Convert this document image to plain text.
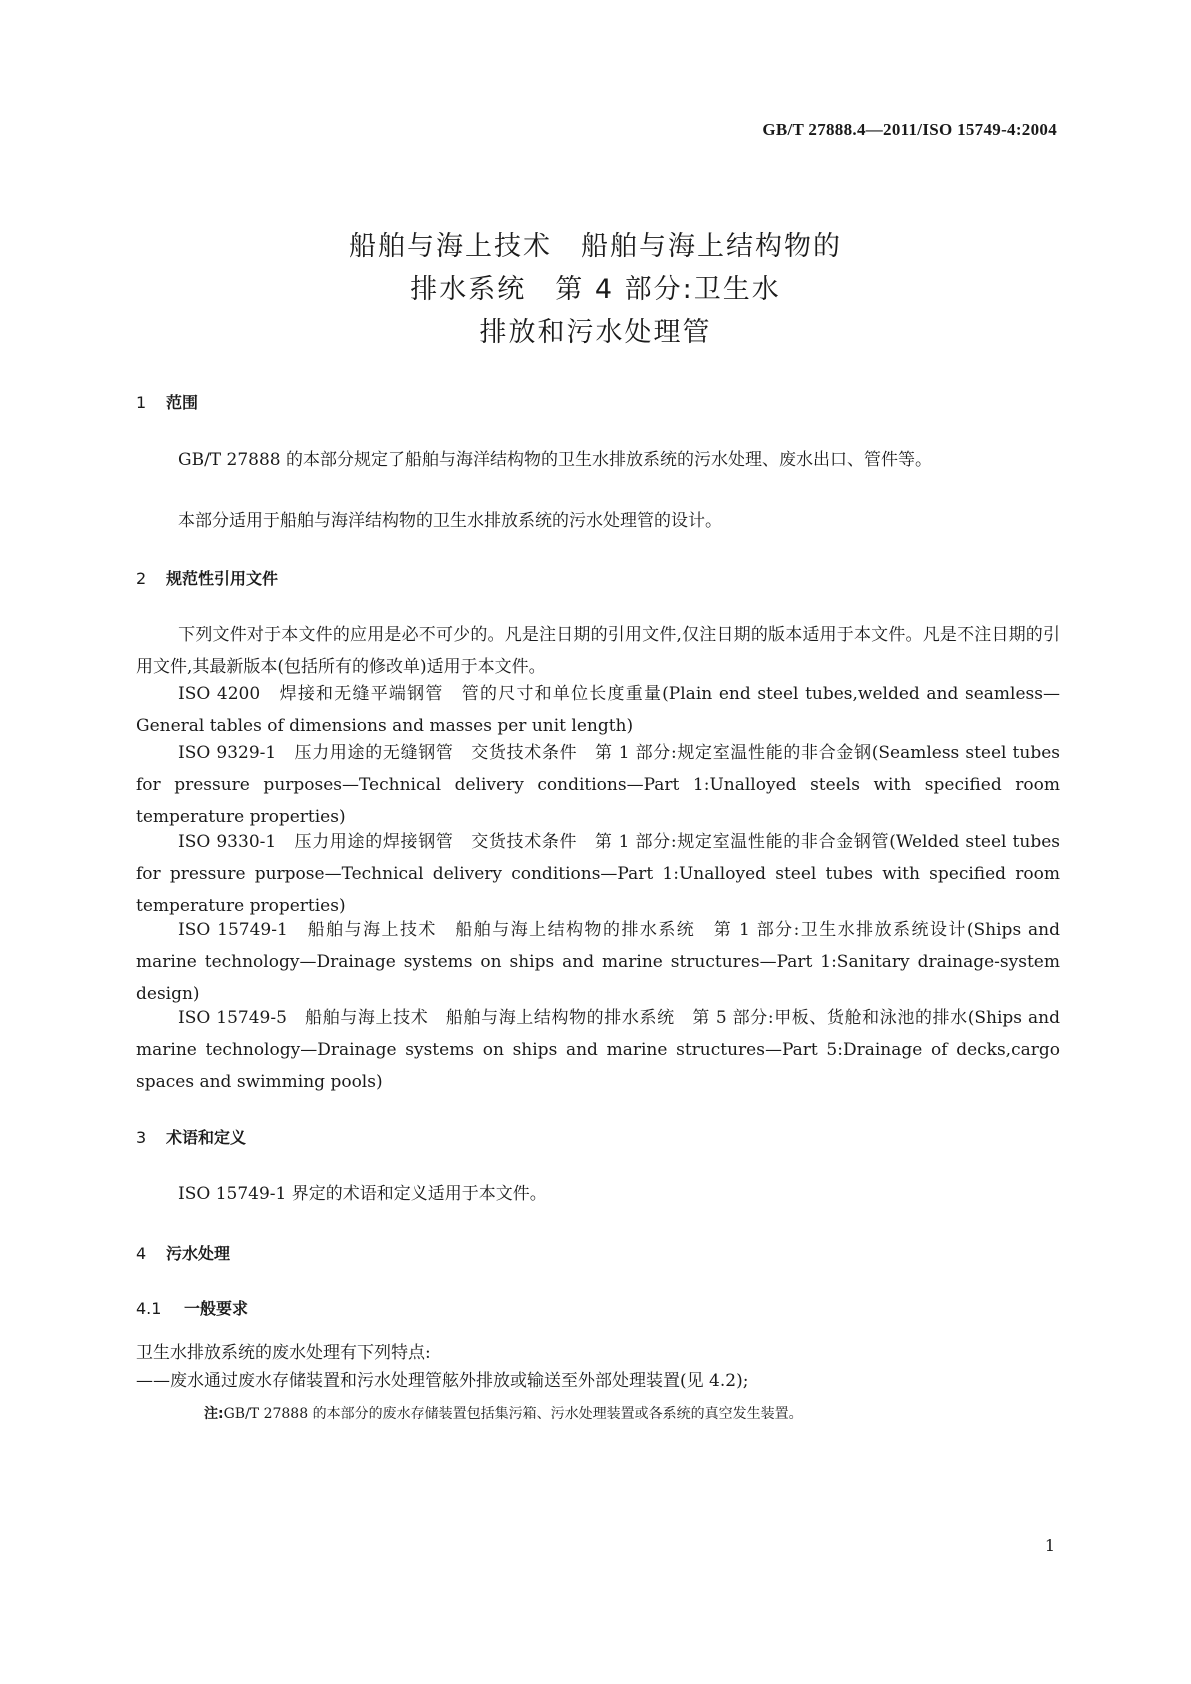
GB/T 27888.4—2011/ISO 15749-4:2004
船舶与海上技术　船舶与海上结构物的
排水系统　第 4 部分:卫生水
排放和污水处理管
1 范围
GB/T 27888 的本部分规定了船舶与海洋结构物的卫生水排放系统的污水处理、废水出口、管件等。
本部分适用于船舶与海洋结构物的卫生水排放系统的污水处理管的设计。
2 规范性引用文件
下列文件对于本文件的应用是必不可少的。凡是注日期的引用文件,仅注日期的版本适用于本文件。凡是不注日期的引用文件,其最新版本(包括所有的修改单)适用于本文件。
ISO 4200　焊接和无缝平端钢管　管的尺寸和单位长度重量(Plain end steel tubes,welded and seamless—General tables of dimensions and masses per unit length)
ISO 9329-1　压力用途的无缝钢管　交货技术条件　第 1 部分:规定室温性能的非合金钢(Seamless steel tubes for pressure purposes—Technical delivery conditions—Part 1:Unalloyed steels with specified room temperature properties)
ISO 9330-1　压力用途的焊接钢管　交货技术条件　第 1 部分:规定室温性能的非合金钢管(Welded steel tubes for pressure purpose—Technical delivery conditions—Part 1:Unalloyed steel tubes with specified room temperature properties)
ISO 15749-1　船舶与海上技术　船舶与海上结构物的排水系统　第 1 部分:卫生水排放系统设计(Ships and marine technology—Drainage systems on ships and marine structures—Part 1:Sanitary drainage-system design)
ISO 15749-5　船舶与海上技术　船舶与海上结构物的排水系统　第 5 部分:甲板、货舱和泳池的排水(Ships and marine technology—Drainage systems on ships and marine structures—Part 5:Drainage of decks,cargo spaces and swimming pools)
3 术语和定义
ISO 15749-1 界定的术语和定义适用于本文件。
4 污水处理
4.1 一般要求
卫生水排放系统的废水处理有下列特点:
——废水通过废水存储装置和污水处理管舷外排放或输送至外部处理装置(见 4.2);
注:GB/T 27888 的本部分的废水存储装置包括集污箱、污水处理装置或各系统的真空发生装置。
1
